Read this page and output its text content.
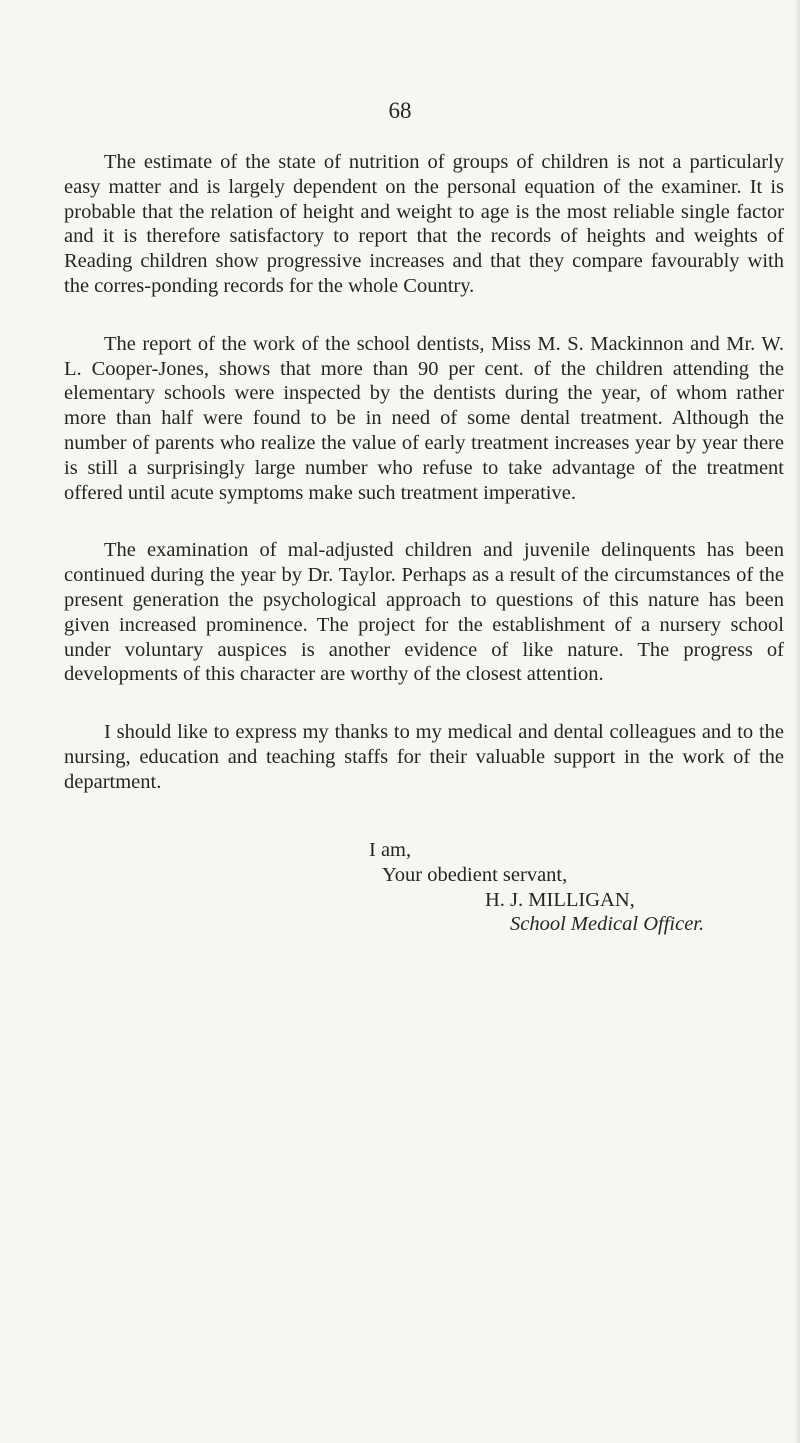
68

The estimate of the state of nutrition of groups of children is not a particularly easy matter and is largely dependent on the personal equation of the examiner. It is probable that the relation of height and weight to age is the most reliable single factor and it is therefore satisfactory to report that the records of heights and weights of Reading children show progressive increases and that they compare favourably with the corres-ponding records for the whole Country.

The report of the work of the school dentists, Miss M. S. Mackinnon and Mr. W. L. Cooper-Jones, shows that more than 90 per cent. of the children attending the elementary schools were inspected by the dentists during the year, of whom rather more than half were found to be in need of some dental treatment. Although the number of parents who realize the value of early treatment increases year by year there is still a surprisingly large number who refuse to take advantage of the treatment offered until acute symptoms make such treatment imperative.

The examination of mal-adjusted children and juvenile delinquents has been continued during the year by Dr. Taylor. Perhaps as a result of the circumstances of the present generation the psychological approach to questions of this nature has been given increased prominence. The project for the establishment of a nursery school under voluntary auspices is another evidence of like nature. The progress of developments of this character are worthy of the closest attention.

I should like to express my thanks to my medical and dental colleagues and to the nursing, education and teaching staffs for their valuable support in the work of the department.

I am,
Your obedient servant,
H. J. MILLIGAN,
School Medical Officer.
